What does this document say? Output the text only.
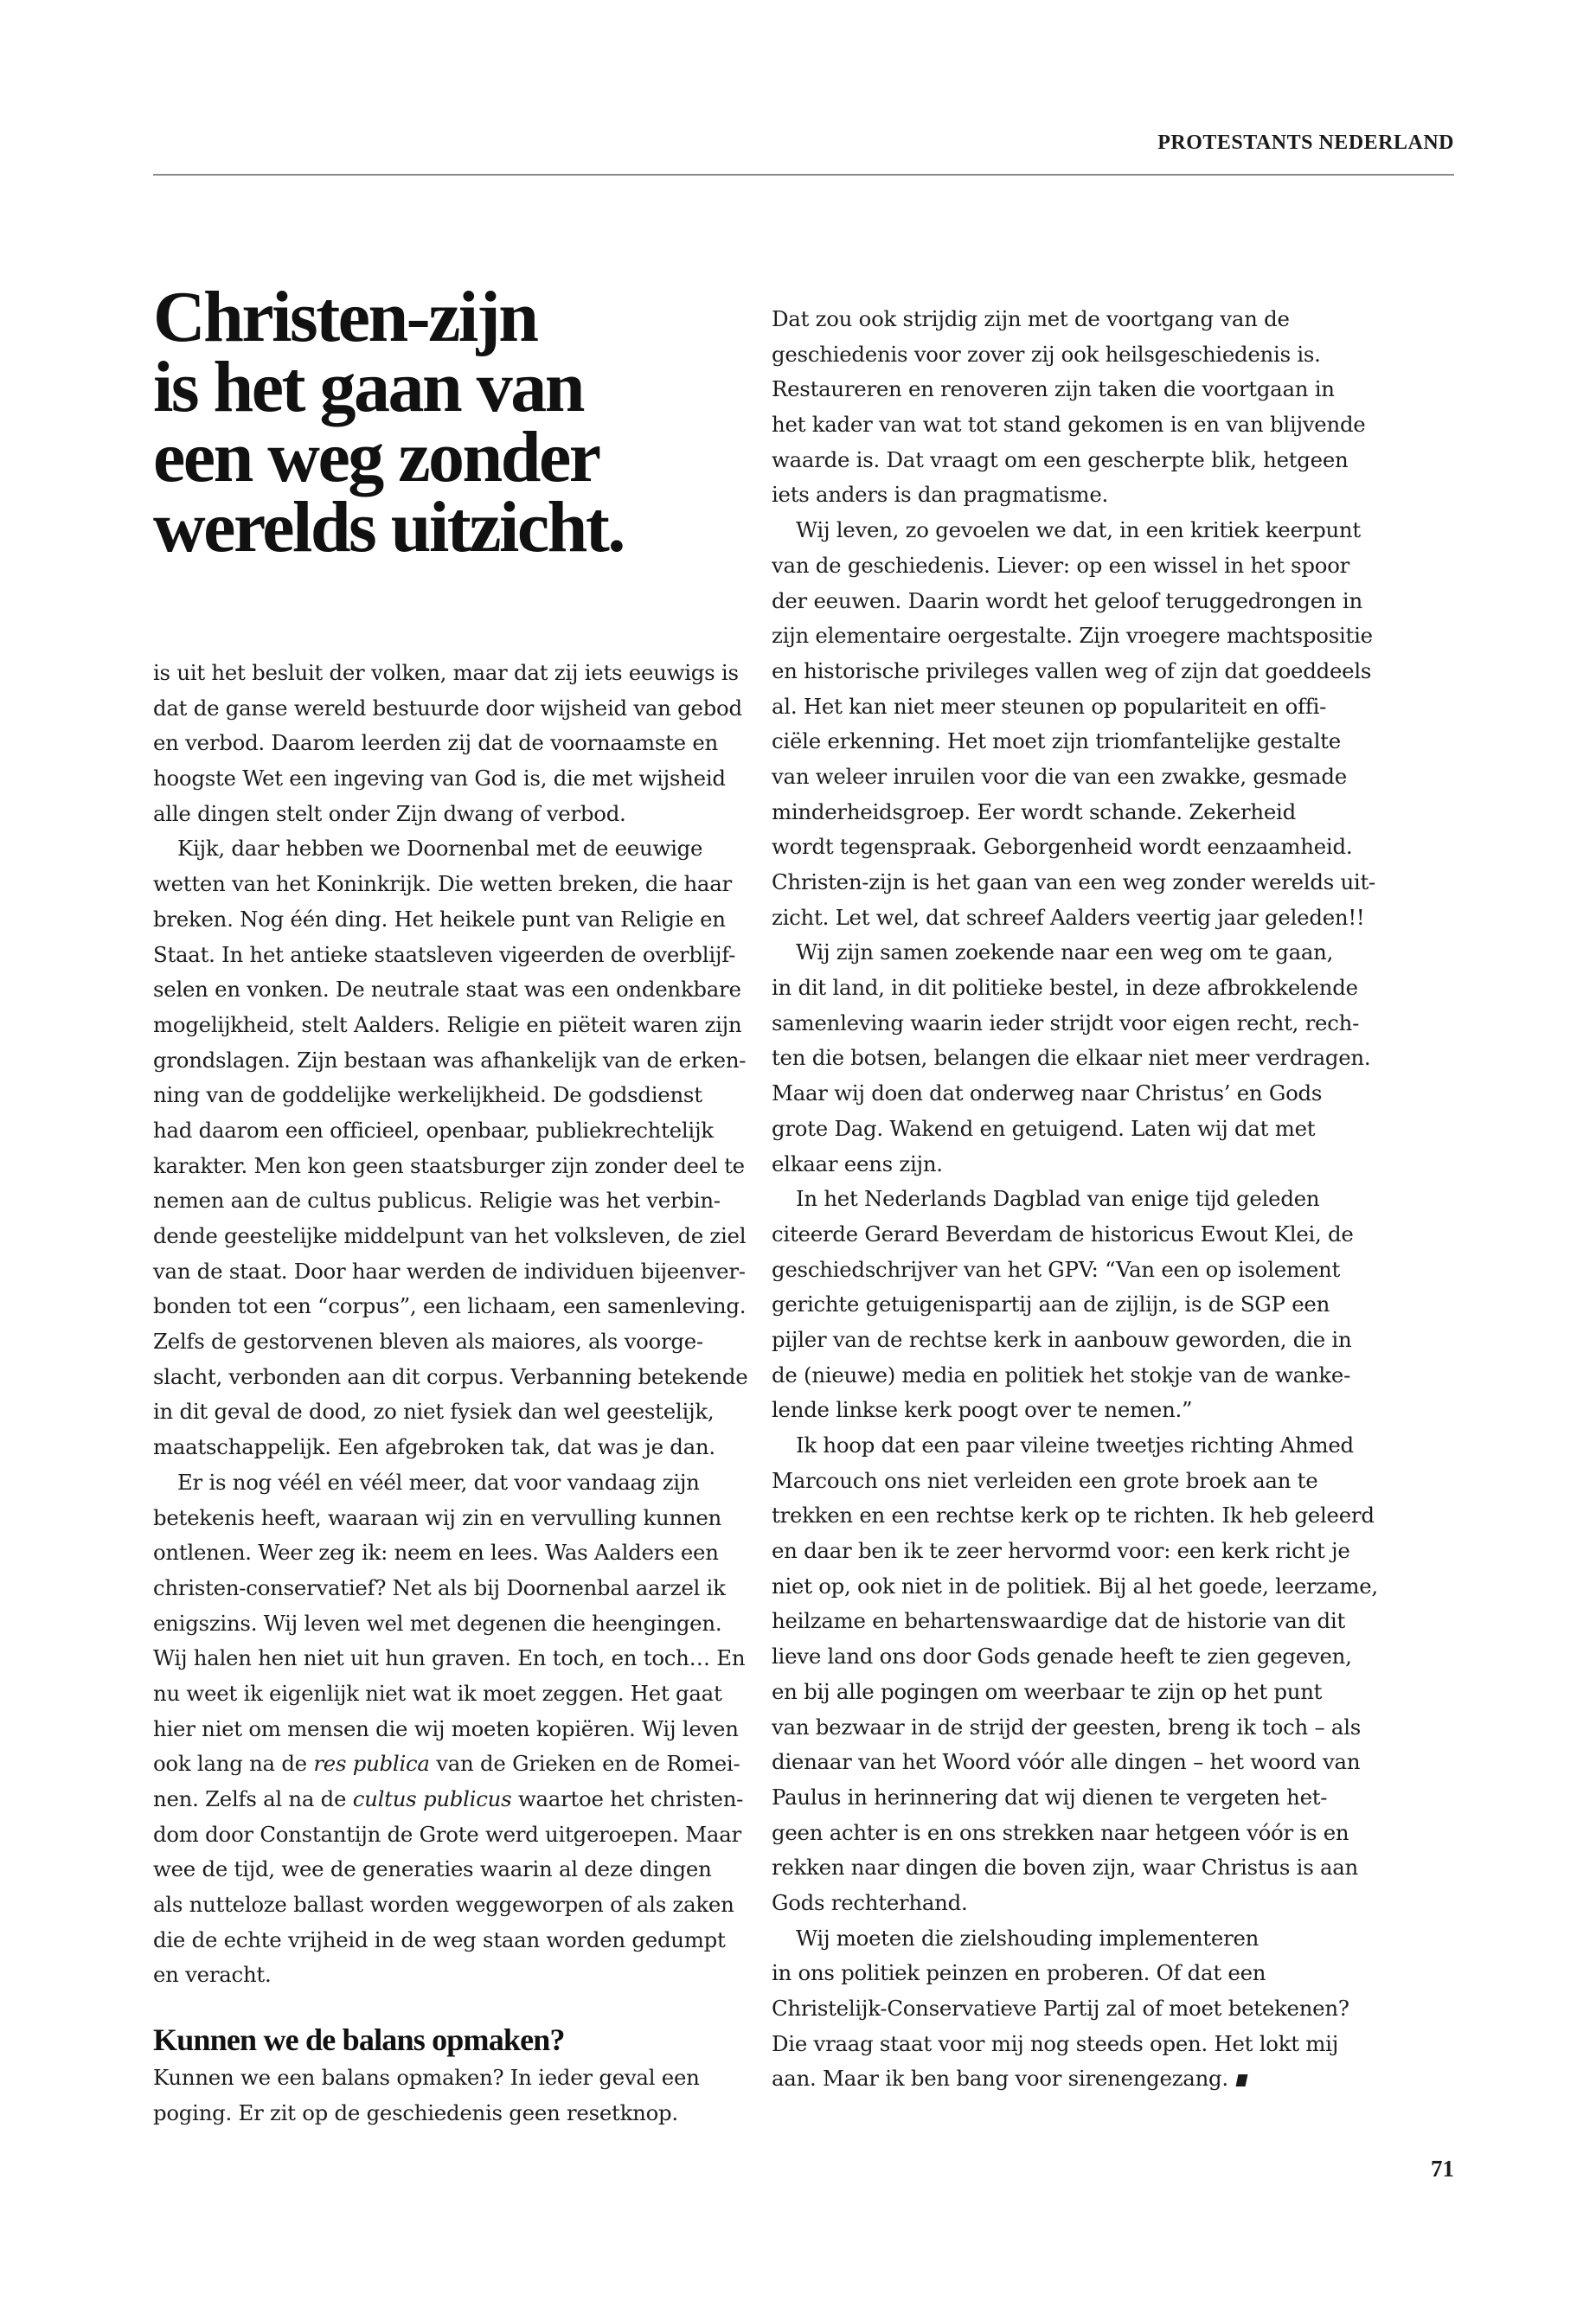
PROTESTANTS NEDERLAND
Christen-zijn
is het gaan van
een weg zonder
werelds uitzicht.
is uit het besluit der volken, maar dat zij iets eeuwigs is
dat de ganse wereld bestuurde door wijsheid van gebod
en verbod. Daarom leerden zij dat de voornaamste en
hoogste Wet een ingeving van God is, die met wijsheid
alle dingen stelt onder Zijn dwang of verbod.
Kijk, daar hebben we Doornenbal met de eeuwige
wetten van het Koninkrijk. Die wetten breken, die haar
breken. Nog één ding. Het heikele punt van Religie en
Staat. In het antieke staatsleven vigeerden de overblijf-
selen en vonken. De neutrale staat was een ondenkbare
mogelijkheid, stelt Aalders. Religie en piëteit waren zijn
grondslagen. Zijn bestaan was afhankelijk van de erken-
ning van de goddelijke werkelijkheid. De godsdienst
had daarom een officieel, openbaar, publiekrechtelijk
karakter. Men kon geen staatsburger zijn zonder deel te
nemen aan de cultus publicus. Religie was het verbin-
dende geestelijke middelpunt van het volksleven, de ziel
van de staat. Door haar werden de individuen bijeenver-
bonden tot een “corpus”, een lichaam, een samenleving.
Zelfs de gestorvenen bleven als maiores, als voorge-
slacht, verbonden aan dit corpus. Verbanning betekende
in dit geval de dood, zo niet fysiek dan wel geestelijk,
maatschappelijk. Een afgebroken tak, dat was je dan.
Er is nog véél en véél meer, dat voor vandaag zijn
betekenis heeft, waaraan wij zin en vervulling kunnen
ontlenen. Weer zeg ik: neem en lees. Was Aalders een
christen-conservatief? Net als bij Doornenbal aarzel ik
enigszins. Wij leven wel met degenen die heengingen.
Wij halen hen niet uit hun graven. En toch, en toch… En
nu weet ik eigenlijk niet wat ik moet zeggen. Het gaat
hier niet om mensen die wij moeten kopiëren. Wij leven
ook lang na de res publica van de Grieken en de Romei-
nen. Zelfs al na de cultus publicus waartoe het christen-
dom door Constantijn de Grote werd uitgeroepen. Maar
wee de tijd, wee de generaties waarin al deze dingen
als nutteloze ballast worden weggeworpen of als zaken
die de echte vrijheid in de weg staan worden gedumpt
en veracht.
Kunnen we de balans opmaken?
Kunnen we een balans opmaken? In ieder geval een
poging. Er zit op de geschiedenis geen resetknop.
Dat zou ook strijdig zijn met de voortgang van de
geschiedenis voor zover zij ook heilsgeschiedenis is.
Restaureren en renoveren zijn taken die voortgaan in
het kader van wat tot stand gekomen is en van blijvende
waarde is. Dat vraagt om een gescherpte blik, hetgeen
iets anders is dan pragmatisme.
Wij leven, zo gevoelen we dat, in een kritiek keerpunt
van de geschiedenis. Liever: op een wissel in het spoor
der eeuwen. Daarin wordt het geloof teruggedrongen in
zijn elementaire oergestalte. Zijn vroegere machtspositie
en historische privileges vallen weg of zijn dat goeddeels
al. Het kan niet meer steunen op populariteit en offi-
ciële erkenning. Het moet zijn triomfantelijke gestalte
van weleer inruilen voor die van een zwakke, gesmade
minderheidsgroep. Eer wordt schande. Zekerheid
wordt tegenspraak. Geborgenheid wordt eenzaamheid.
Christen-zijn is het gaan van een weg zonder werelds uit-
zicht. Let wel, dat schreef Aalders veertig jaar geleden!!
Wij zijn samen zoekende naar een weg om te gaan,
in dit land, in dit politieke bestel, in deze afbrokkelende
samenleving waarin ieder strijdt voor eigen recht, rech-
ten die botsen, belangen die elkaar niet meer verdragen.
Maar wij doen dat onderweg naar Christus’ en Gods
grote Dag. Wakend en getuigend. Laten wij dat met
elkaar eens zijn.
In het Nederlands Dagblad van enige tijd geleden
citeerde Gerard Beverdam de historicus Ewout Klei, de
geschiedschrijver van het GPV: “Van een op isolement
gerichte getuigenispartij aan de zijlijn, is de SGP een
pijler van de rechtse kerk in aanbouw geworden, die in
de (nieuwe) media en politiek het stokje van de wanke-
lende linkse kerk poogt over te nemen.”
Ik hoop dat een paar vileine tweetjes richting Ahmed
Marcouch ons niet verleiden een grote broek aan te
trekken en een rechtse kerk op te richten. Ik heb geleerd
en daar ben ik te zeer hervormd voor: een kerk richt je
niet op, ook niet in de politiek. Bij al het goede, leerzame,
heilzame en behartenswaardige dat de historie van dit
lieve land ons door Gods genade heeft te zien gegeven,
en bij alle pogingen om weerbaar te zijn op het punt
van bezwaar in de strijd der geesten, breng ik toch – als
dienaar van het Woord vóór alle dingen – het woord van
Paulus in herinnering dat wij dienen te vergeten het-
geen achter is en ons strekken naar hetgeen vóór is en
rekken naar dingen die boven zijn, waar Christus is aan
Gods rechterhand.
Wij moeten die zielshouding implementeren
in ons politiek peinzen en proberen. Of dat een
Christelijk-Conservatieve Partij zal of moet betekenen?
Die vraag staat voor mij nog steeds open. Het lokt mij
aan. Maar ik ben bang voor sirenengezang.
71
